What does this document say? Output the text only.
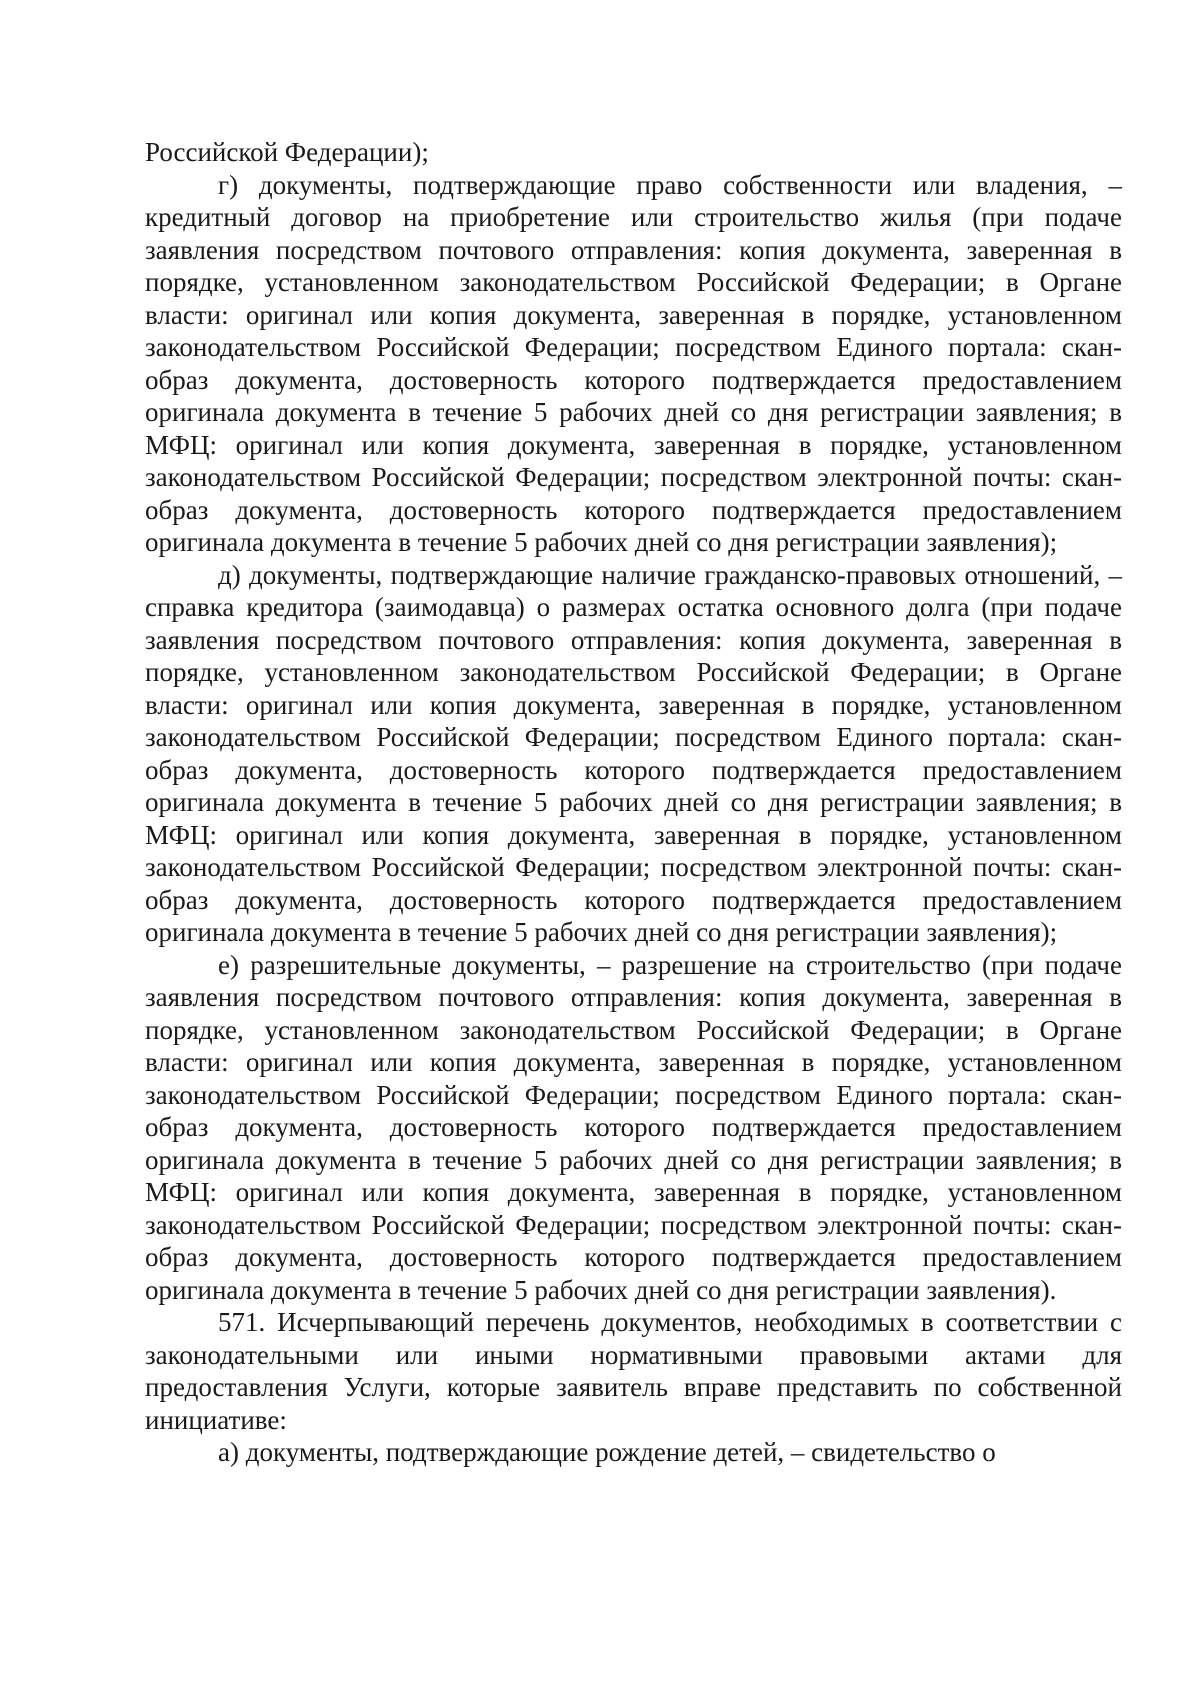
Российской Федерации);

г) документы, подтверждающие право собственности или владения, – кредитный договор на приобретение или строительство жилья (при подаче заявления посредством почтового отправления: копия документа, заверенная в порядке, установленном законодательством Российской Федерации; в Органе власти: оригинал или копия документа, заверенная в порядке, установленном законодательством Российской Федерации; посредством Единого портала: скан-образ документа, достоверность которого подтверждается предоставлением оригинала документа в течение 5 рабочих дней со дня регистрации заявления; в МФЦ: оригинал или копия документа, заверенная в порядке, установленном законодательством Российской Федерации; посредством электронной почты: скан-образ документа, достоверность которого подтверждается предоставлением оригинала документа в течение 5 рабочих дней со дня регистрации заявления);

д) документы, подтверждающие наличие гражданско-правовых отношений, – справка кредитора (заимодавца) о размерах остатка основного долга (при подаче заявления посредством почтового отправления: копия документа, заверенная в порядке, установленном законодательством Российской Федерации; в Органе власти: оригинал или копия документа, заверенная в порядке, установленном законодательством Российской Федерации; посредством Единого портала: скан-образ документа, достоверность которого подтверждается предоставлением оригинала документа в течение 5 рабочих дней со дня регистрации заявления; в МФЦ: оригинал или копия документа, заверенная в порядке, установленном законодательством Российской Федерации; посредством электронной почты: скан-образ документа, достоверность которого подтверждается предоставлением оригинала документа в течение 5 рабочих дней со дня регистрации заявления);

е) разрешительные документы, – разрешение на строительство (при подаче заявления посредством почтового отправления: копия документа, заверенная в порядке, установленном законодательством Российской Федерации; в Органе власти: оригинал или копия документа, заверенная в порядке, установленном законодательством Российской Федерации; посредством Единого портала: скан-образ документа, достоверность которого подтверждается предоставлением оригинала документа в течение 5 рабочих дней со дня регистрации заявления; в МФЦ: оригинал или копия документа, заверенная в порядке, установленном законодательством Российской Федерации; посредством электронной почты: скан-образ документа, достоверность которого подтверждается предоставлением оригинала документа в течение 5 рабочих дней со дня регистрации заявления).

571. Исчерпывающий перечень документов, необходимых в соответствии с законодательными или иными нормативными правовыми актами для предоставления Услуги, которые заявитель вправе представить по собственной инициативе:

а) документы, подтверждающие рождение детей, – свидетельство о
